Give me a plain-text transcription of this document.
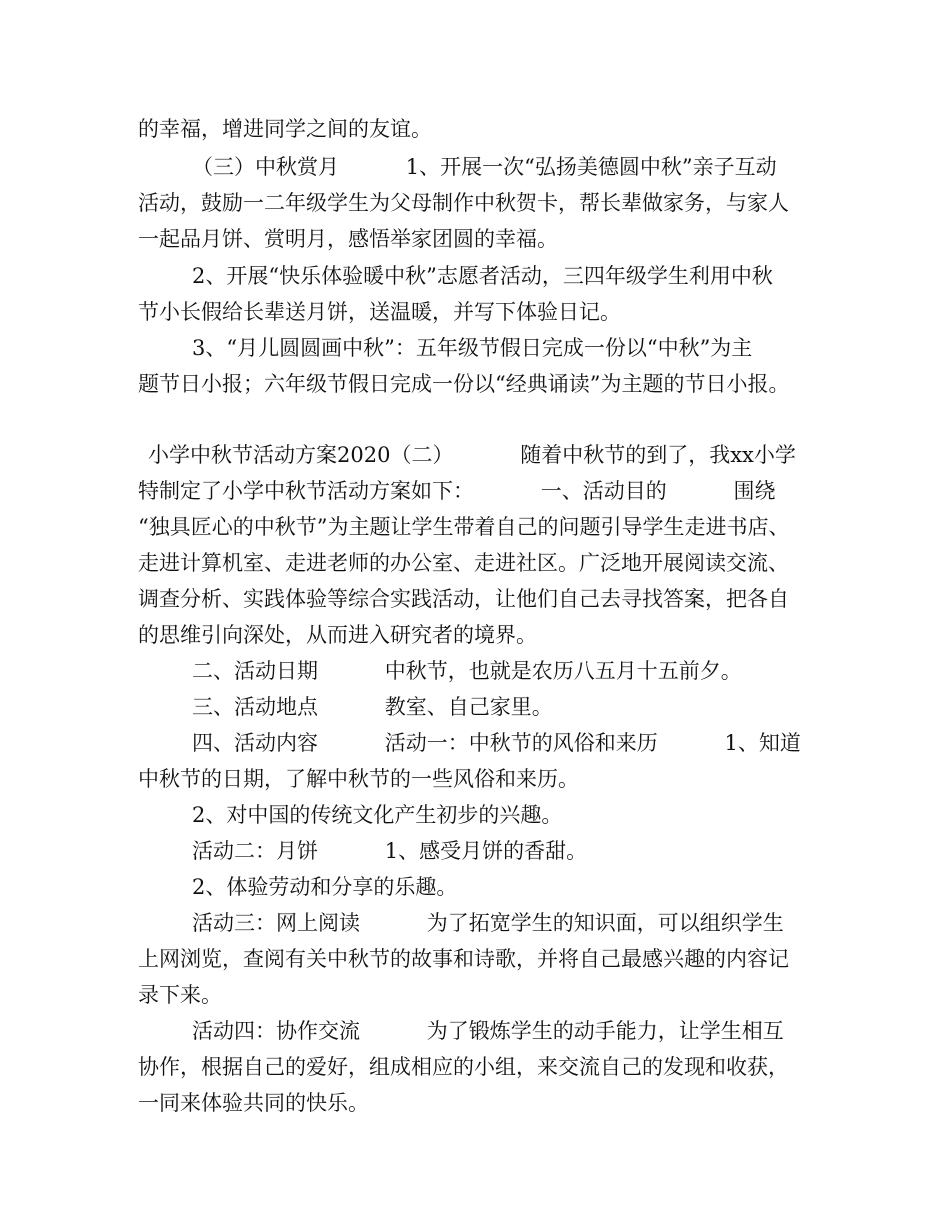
的幸福，增进同学之间的友谊。
（三）中秋赏月          1、开展一次“弘扬美德圆中秋”亲子互动
活动，鼓励一二年级学生为父母制作中秋贺卡，帮长辈做家务，与家人
一起品月饼、赏明月，感悟举家团圆的幸福。
2、开展“快乐体验暖中秋”志愿者活动，三四年级学生利用中秋
节小长假给长辈送月饼，送温暖，并写下体验日记。
3、“月儿圆圆画中秋”：五年级节假日完成一份以“中秋”为主
题节日小报；六年级节假日完成一份以“经典诵读”为主题的节日小报。
小学中秋节活动方案2020（二）          随着中秋节的到了，我xx小学
特制定了小学中秋节活动方案如下：          一、活动目的          围绕
“独具匠心的中秋节”为主题让学生带着自己的问题引导学生走进书店、
走进计算机室、走进老师的办公室、走进社区。广泛地开展阅读交流、
调查分析、实践体验等综合实践活动，让他们自己去寻找答案，把各自
的思维引向深处，从而进入研究者的境界。
二、活动日期          中秋节，也就是农历八五月十五前夕。
三、活动地点          教室、自己家里。
四、活动内容          活动一：中秋节的风俗和来历          1、知道
中秋节的日期，了解中秋节的一些风俗和来历。
2、对中国的传统文化产生初步的兴趣。
活动二：月饼          1、感受月饼的香甜。
2、体验劳动和分享的乐趣。
活动三：网上阅读          为了拓宽学生的知识面，可以组织学生
上网浏览，查阅有关中秋节的故事和诗歌，并将自己最感兴趣的内容记
录下来。
活动四：协作交流          为了锻炼学生的动手能力，让学生相互
协作，根据自己的爱好，组成相应的小组，来交流自己的发现和收获，
一同来体验共同的快乐。
